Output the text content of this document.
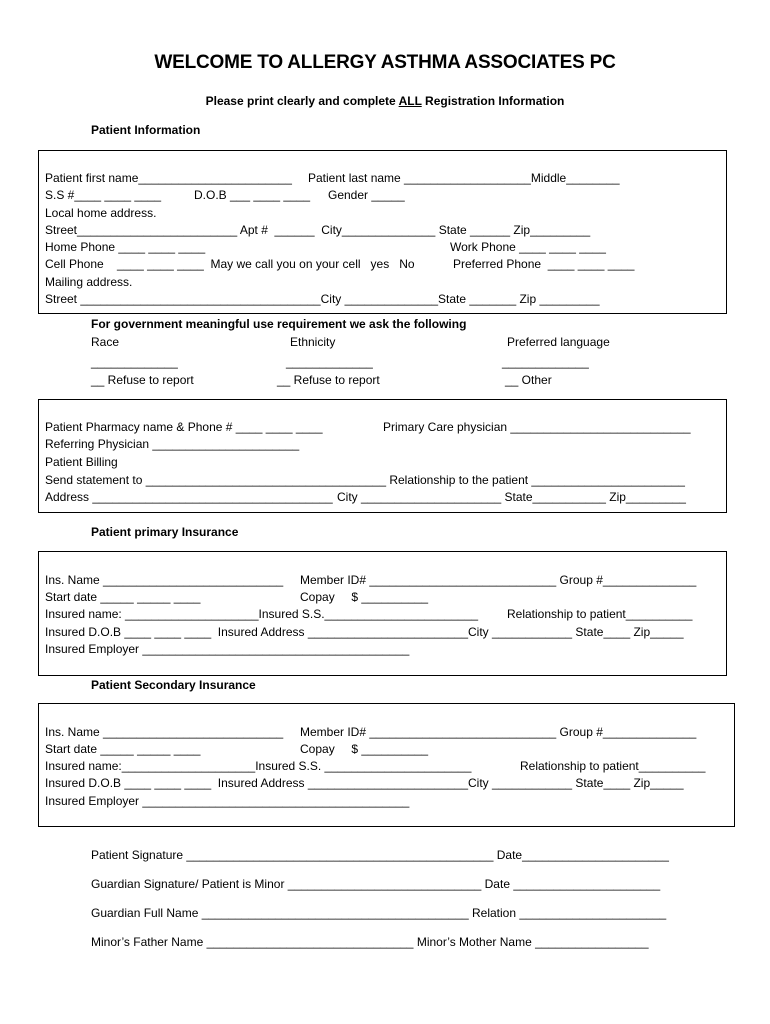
WELCOME TO ALLERGY ASTHMA ASSOCIATES PC
Please print clearly and complete ALL Registration Information
Patient Information
Patient first name_______________________ Patient last name ___________________Middle________
S.S #____ ____ ____	D.O.B ___ ____ ____ Gender _____
Local home address.
Street________________________ Apt #  ______  City______________ State ______ Zip_________
Home Phone ____ ____ ____	Work Phone ____ ____ ____
Cell Phone    ____ ____ ____  May we call you on your cell   yes   No	Preferred Phone  ____ ____ ____
Mailing address.
Street ____________________________________City ______________State _______ Zip _________
For government meaningful use requirement we ask the following
Race	Ethnicity	Preferred language
_____________	_____________	_____________
__ Refuse to report	__ Refuse to report	__ Other
Patient Pharmacy name & Phone # ____ ____ ____	Primary Care physician ___________________________
Referring Physician ______________________
Patient Billing
Send statement to ____________________________________ Relationship to the patient _______________________
Address ____________________________________ City _____________________ State___________ Zip_________
Patient primary Insurance
Ins. Name ___________________________ Member ID# ____________________________ Group #______________
Start date _____ _____ ____	Copay     $ __________
Insured name: ____________________Insured S.S._______________________ Relationship to patient__________
Insured D.O.B ____ ____ ____  Insured Address ________________________City ____________ State____ Zip_____
Insured Employer ________________________________________
Patient Secondary Insurance
Ins. Name ___________________________ Member ID# ____________________________ Group #______________
Start date _____ _____ ____	Copay     $ __________
Insured name:____________________Insured S.S. ______________________	Relationship to patient__________
Insured D.O.B ____ ____ ____  Insured Address ________________________City ____________ State____ Zip_____
Insured Employer ________________________________________
Patient Signature ______________________________________________ Date______________________
Guardian Signature/ Patient is Minor _____________________________ Date ______________________
Guardian Full Name ________________________________________ Relation ______________________
Minor’s Father Name _______________________________ Minor’s Mother Name _________________
